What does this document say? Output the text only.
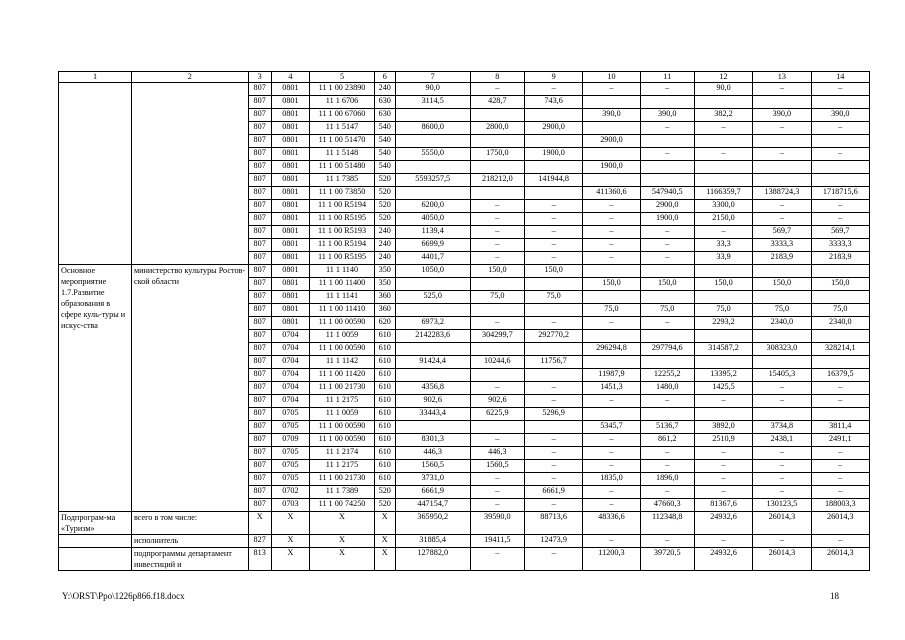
1	2	3	4	5	6	7	8	9	10	11	12	13	14
		807	0801	11 1 00 23890	240	90,0	–	–	–	–	90,0	–	–
		807	0801	11 1 6706	630	3114,5	428,7	743,6					
		807	0801	11 1 00 67060	630				390,0	390,0	382,2	390,0	390,0
		807	0801	11 1 5147	540	8600,0	2800,0	2900,0		–	–	–	–
		807	0801	11 1 00 51470	540				2900,0				
		807	0801	11 1 5148	540	5550,0	1750,0	1900,0		–	–	–	–
		807	0801	11 1 00 51480	540				1900,0				
		807	0801	11 1 7385	520	5593257,5	218212,0	141944,8					
		807	0801	11 1 00 73850	520				411360,6	547940,5	1166359,7	1388724,3	1718715,6
		807	0801	11 1 00 R5194	520	6200,0	–	–	–	2900,0	3300,0	–	–
		807	0801	11 1 00 R5195	520	4050,0	–	–	–	1900,0	2150,0	–	–
		807	0801	11 1 00 R5193	240	1139,4	–	–	–	–	–	569,7	569,7
		807	0801	11 1 00 R5194	240	6699,9	–	–	–	–	33,3	3333,3	3333,3
		807	0801	11 1 00 R5195	240	4401,7	–	–	–	–	33,9	2183,9	2183,9
Основное мероприятие 1.7.Развитие образования в сфере куль-туры и искус-ства	министерство культуры Ростов-ской области	807	0801	11 1 1140	350	1050,0	150,0	150,0					
		807	0801	11 1 00 11400	350				150,0	150,0	150,0	150,0	150,0
		807	0801	11 1 1141	360	525,0	75,0	75,0					
		807	0801	11 1 00 11410	360				75,0	75,0	75,0	75,0	75,0
		807	0801	11 1 00 00590	620	6973,2	–	–	–	–	2293,2	2340,0	2340,0
		807	0704	11 1 0059	610	2142283,6	304299,7	292770,2					
		807	0704	11 1 00 00590	610				296294,8	297794,6	314587,2	308323,0	328214,1
		807	0704	11 1 1142	610	91424,4	10244,6	11756,7					
		807	0704	11 1 00 11420	610				11987,9	12255,2	13395,2	15405,3	16379,5
		807	0704	11 1 00 21730	610	4356,8	–	–	1451,3	1480,0	1425,5	–	–
		807	0704	11 1 2175	610	902,6	902,6	–	–	–	–	–	–
		807	0705	11 1 0059	610	33443,4	6225,9	5296,9					
		807	0705	11 1 00 00590	610				5345,7	5136,7	3892,0	3734,8	3811,4
		807	0709	11 1 00 00590	610	8301,3	–	–	–	861,2	2510,9	2438,1	2491,1
		807	0705	11 1 2174	610	446,3	446,3	–	–	–	–	–	–
		807	0705	11 1 2175	610	1560,5	1560,5	–	–	–	–	–	–
		807	0705	11 1 00 21730	610	3731,0	–	–	1835,0	1896,0	–	–	–
		807	0702	11 1 7389	520	6661,9	–	6661,9	–	–	–	–	–
		807	0703	11 1 00 74250	520	447154,7	–	–	–	47660,3	81367,6	130123,5	188003,3
Подпрограм-ма «Туризм»	всего в том числе:	X	X	X	X	365950,2	39590,0	88713,6	48336,6	112348,8	24932,6	26014,3	26014,3
	исполнитель	827	X	X	X	31885,4	19411,5	12473,9	–	–	–	–	–
	подпрограммы департамент инвестиций и	813	X	X	X	127882,0	–	–	11200,3	39720,5	24932,6	26014,3	26014,3
Y:\ORST\Ppo\1226p866.f18.docx	18
